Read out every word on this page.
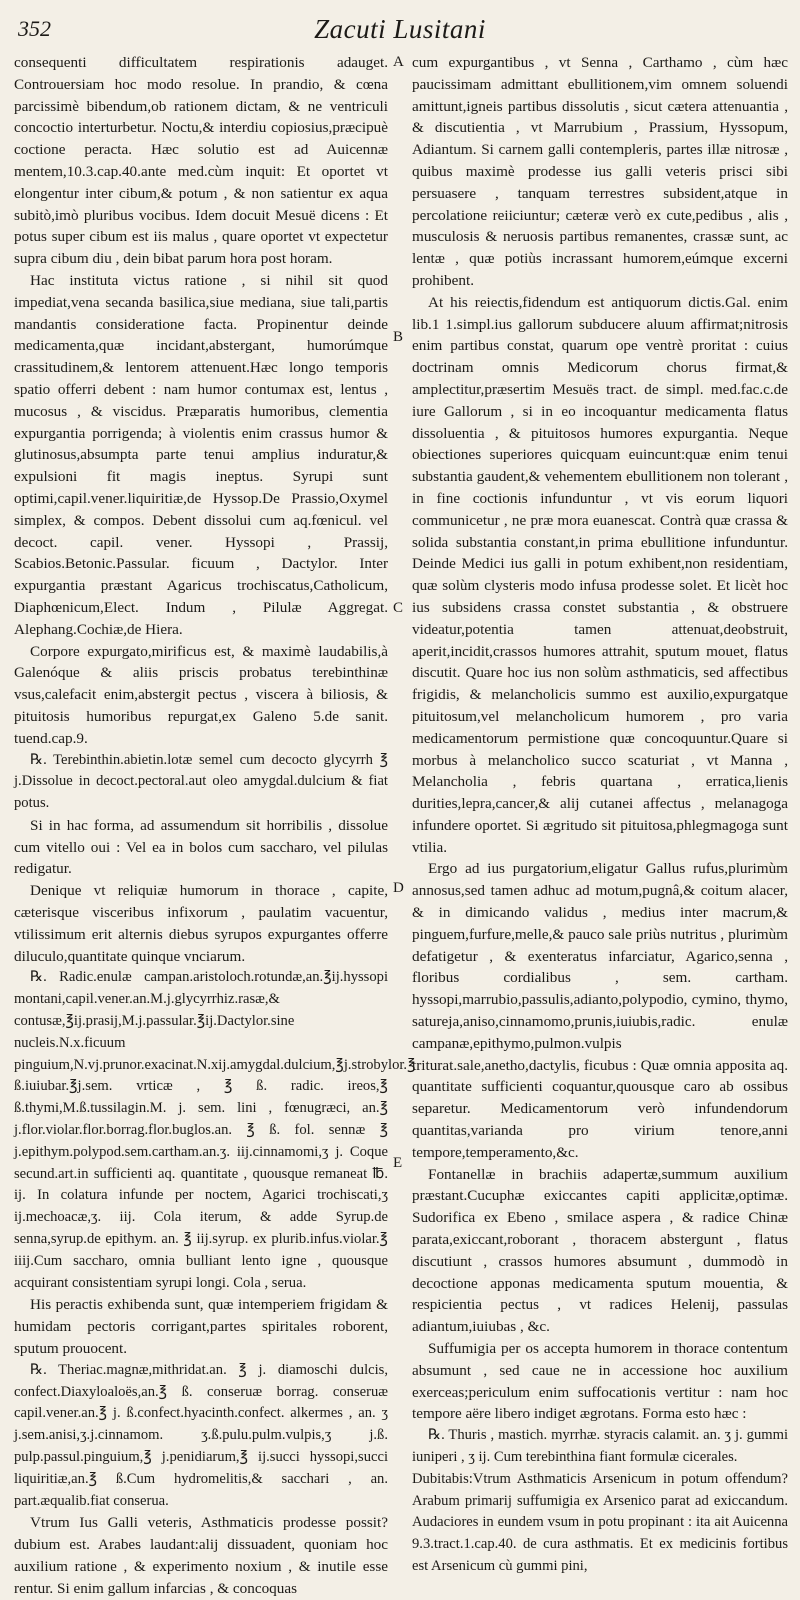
352	Zacuti Lusitani

consequenti difficultatem respirationis adauget. Controuersiam hoc modo resolue. In prandio, & cœna parcissimè bibendum,ob rationem dictam, & ne ventriculi concoctio interturbetur. Noctu,& interdiu copiosius,præcipuè coctione peracta. Hæc solutio est ad Auicennæ mentem,10.3.cap.40.ante med.cùm inquit: Et oportet vt elongentur inter cibum,& potum , & non satientur ex aqua subitò,imò pluribus vocibus. Idem docuit Mesuë dicens : Et potus super cibum est iis malus , quare oportet vt expectetur supra cibum diu , dein bibat parum hora post horam.

Hac instituta victus ratione , si nihil sit quod impediat,vena secanda basilica,siue mediana, siue tali,partis mandantis consideratione facta. Propinentur deinde medicamenta,quæ incidant,abstergant, humorúmque crassitudinem,& lentorem attenuent.Hæc longo temporis spatio offerri debent : nam humor contumax est, lentus , mucosus , & viscidus. Præparatis humoribus, clementia expurgantia porrigenda; à violentis enim crassus humor & glutinosus,absumpta parte tenui amplius induratur,& expulsioni fit magis ineptus. Syrupi sunt optimi,capil.vener.liquiritiæ,de Hyssop.De Prassio,Oxymel simplex, & compos. Debent dissolui cum aq.fœnicul. vel decoct. capil. vener. Hyssopi , Prassij, Scabios.Betonic.Passular. ficuum , Dactylor. Inter expurgantia præstant Agaricus trochiscatus,Catholicum, Diaphœnicum,Elect. Indum , Pilulæ Aggregat. Alephang.Cochiæ,de Hiera.

Corpore expurgato,mirificus est, & maximè laudabilis,à Galenóque & aliis priscis probatus terebinthinæ vsus,calefacit enim,abstergit pectus , viscera à biliosis, & pituitosis humoribus repurgat,ex Galeno 5.de sanit. tuend.cap.9.

℞. Terebinthin.abietin.lotæ semel cum decocto glycyrrh ℥ j.Dissolue in decoct.pectoral.aut oleo amygdal.dulcium & fiat potus.

Si in hac forma, ad assumendum sit horribilis , dissolue cum vitello oui : Vel ea in bolos cum saccharo, vel pilulas redigatur.

Denique vt reliquiæ humorum in thorace , capite, cæterisque visceribus infixorum , paulatim vacuentur, vtilissimum erit alternis diebus syrupos expurgantes offerre diluculo,quantitate quinque vnciarum.

℞. Radic.enulæ campan.aristoloch.rotundæ,an.℥ij.hyssopi montani,capil.vener.an.M.j.glycyrrhiz.rasæ,& contusæ,℥ij.prasij,M.j.passular.℥ij.Dactylor.sine nucleis.N.x.ficuum pinguium,N.vj.prunor.exacinat.N.xij.amygdal.dulcium,℥j.strobylor.℥ ß.iuiubar.℥j.sem. vrticæ , ℥ ß. radic. ireos,℥ ß.thymi,M.ß.tussilagin.M. j. sem. lini , fœnugræci, an.℥ j.flor.violar.flor.borrag.flor.buglos.an. ℥ ß. fol. sennæ ℥ j.epithym.polypod.sem.cartham.an.ʒ. iij.cinnamomi,ʒ j. Coque secund.art.in sufficienti aq. quantitate , quousque remaneat ℔. ij. In colatura infunde per noctem, Agarici trochiscati,ʒ ij.mechoacæ,ʒ. iij. Cola iterum, & adde Syrup.de senna,syrup.de epithym. an. ℥ iij.syrup. ex plurib.infus.violar.℥ iiij.Cum saccharo, omnia bulliant lento igne , quousque acquirant consistentiam syrupi longi. Cola , serua.

His peractis exhibenda sunt, quæ intemperiem frigidam & humidam pectoris corrigant,partes spiritales roborent, sputum prouocent.

℞. Theriac.magnæ,mithridat.an. ℥ j. diamoschi dulcis, confect.Diaxyloaloës,an.℥ ß. conseruæ borrag. conseruæ capil.vener.an.℥ j. ß.confect.hyacinth.confect. alkermes , an. ʒ j.sem.anisi,ʒ.j.cinnamom. ʒ.ß.pulu.pulm.vulpis,ʒ j.ß. pulp.passul.pinguium,℥ j.penidiarum,℥ ij.succi hyssopi,succi liquiritiæ,an.℥ ß.Cum hydromelitis,& sacchari , an. part.æqualib.fiat conserua.

Vtrum Ius Galli veteris, Asthmaticis prodesse possit? dubium est. Arabes laudant:alij dissuadent, quoniam hoc auxilium ratione , & experimento noxium , & inutile esse rentur. Si enim gallum infarcias , & concoquas

A
B
C
D
E

cum expurgantibus , vt Senna , Carthamo , cùm hæc paucissimam admittant ebullitionem,vim omnem soluendi amittunt,igneis partibus dissolutis , sicut cætera attenuantia , & discutientia , vt Marrubium , Prassium, Hyssopum, Adiantum. Si carnem galli contempleris, partes illæ nitrosæ , quibus maximè prodesse ius galli veteris prisci sibi persuasere , tanquam terrestres subsident,atque in percolatione reiiciuntur; cæteræ verò ex cute,pedibus , alis , musculosis & neruosis partibus remanentes, crassæ sunt, ac lentæ , quæ potiùs incrassant humorem,eúmque excerni prohibent.

At his reiectis,fidendum est antiquorum dictis.Gal. enim lib.1 1.simpl.ius gallorum subducere aluum affirmat;nitrosis enim partibus constat, quarum ope ventrè proritat : cuius doctrinam omnis Medicorum chorus firmat,& amplectitur,præsertim Mesuës tract. de simpl. med.fac.c.de iure Gallorum , si in eo incoquantur medicamenta flatus dissoluentia , & pituitosos humores expurgantia. Neque obiectiones superiores quicquam euincunt:quæ enim tenui substantia gaudent,& vehementem ebullitionem non tolerant , in fine coctionis infunduntur , vt vis eorum liquori communicetur , ne præ mora euanescat. Contrà quæ crassa & solida substantia constant,in prima ebullitione infunduntur. Deinde Medici ius galli in potum exhibent,non residentiam, quæ solùm clysteris modo infusa prodesse solet. Et licèt hoc ius subsidens crassa constet substantia , & obstruere videatur,potentia tamen attenuat,deobstruit, aperit,incidit,crassos humores attrahit, sputum mouet, flatus discutit. Quare hoc ius non solùm asthmaticis, sed affectibus frigidis, & melancholicis summo est auxilio,expurgatque pituitosum,vel melancholicum humorem , pro varia medicamentorum permistione quæ concoquuntur.Quare si morbus à melancholico succo scaturiat , vt Manna , Melancholia , febris quartana , erratica,lienis durities,lepra,cancer,& alij cutanei affectus , melanagoga infundere oportet. Si ægritudo sit pituitosa,phlegmagoga sunt vtilia.

Ergo ad ius purgatorium,eligatur Gallus rufus,plurimùm annosus,sed tamen adhuc ad motum,pugnâ,& coitum alacer, & in dimicando validus , medius inter macrum,& pinguem,furfure,melle,& pauco sale priùs nutritus , plurimùm defatigetur , & exenteratus infarciatur, Agarico,senna , floribus cordialibus , sem. cartham. hyssopi,marrubio,passulis,adianto,polypodio, cymino, thymo, satureja,aniso,cinnamomo,prunis,iuiubis,radic. enulæ campanæ,epithymo,pulmon.vulpis triturat.sale,anetho,dactylis, ficubus : Quæ omnia apposita aq. quantitate sufficienti coquantur,quousque caro ab ossibus separetur. Medicamentorum verò infundendorum quantitas,varianda pro virium tenore,anni tempore,temperamento,&c.

Fontanellæ in brachiis adapertæ,summum auxilium præstant.Cucuphæ exiccantes capiti applicitæ,optimæ. Sudorifica ex Ebeno , smilace aspera , & radice Chinæ parata,exiccant,roborant , thoracem abstergunt , flatus discutiunt , crassos humores absumunt , dummodò in decoctione apponas medicamenta sputum mouentia, & respicientia pectus , vt radices Helenij, passulas adiantum,iuiubas , &c.

Suffumigia per os accepta humorem in thorace contentum absumunt , sed caue ne in accessione hoc auxilium exerceas;periculum enim suffocationis vertitur : nam hoc tempore aëre libero indiget ægrotans. Forma esto hæc :

℞. Thuris , mastich. myrrhæ. styracis calamit. an. ʒ j. gummi iuniperi , ʒ ij. Cum terebinthina fiant formulæ cicerales.

Dubitabis:Vtrum Asthmaticis Arsenicum in potum offendum? Arabum primarij suffumigia ex Arsenico parat ad exiccandum. Audaciores in eundem vsum in potu propinant : ita ait Auicenna 9.3.tract.1.cap.40. de cura asthmatis. Et ex medicinis fortibus est Arsenicum cù gummi pini,
